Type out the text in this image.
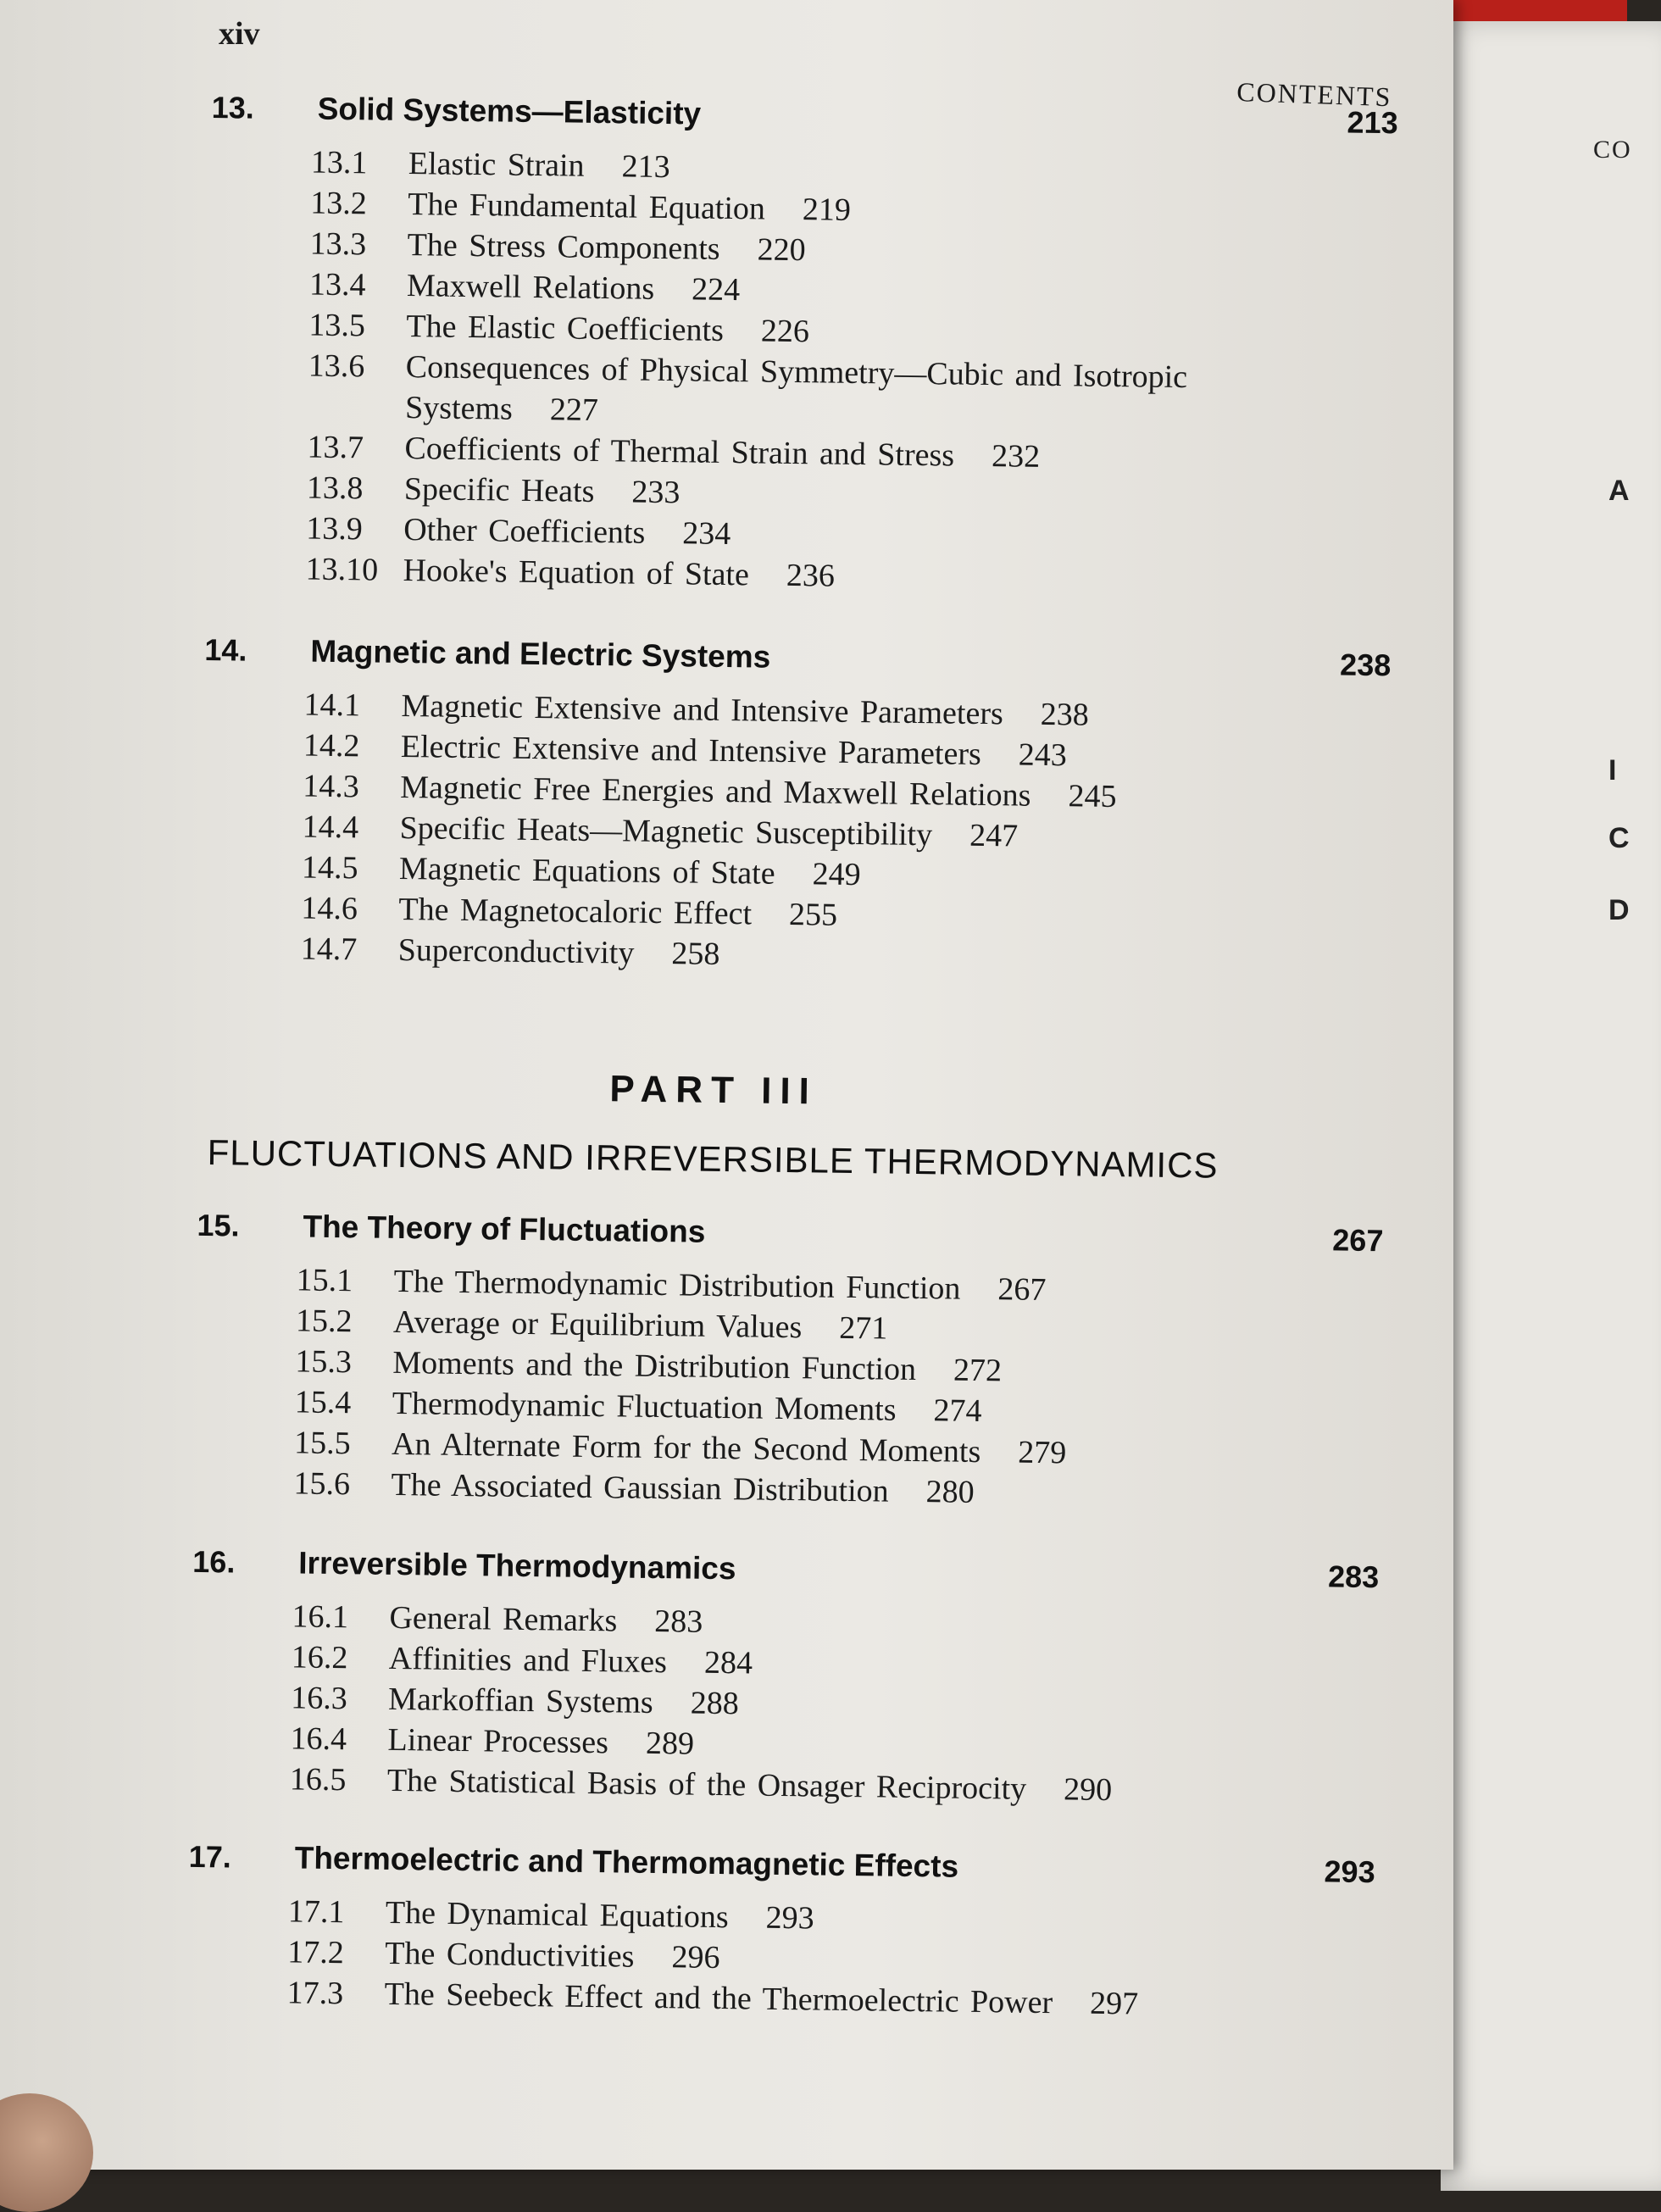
CO
A
I
C
D
xiv
CONTENTS
13. Solid Systems—Elasticity	213
13.1 Elastic Strain 213
13.2 The Fundamental Equation 219
13.3 The Stress Components 220
13.4 Maxwell Relations 224
13.5 The Elastic Coefficients 226
13.6 Consequences of Physical Symmetry—Cubic and Isotropic Systems 227
13.7 Coefficients of Thermal Strain and Stress 232
13.8 Specific Heats 233
13.9 Other Coefficients 234
13.10 Hooke's Equation of State 236
14. Magnetic and Electric Systems	238
14.1 Magnetic Extensive and Intensive Parameters 238
14.2 Electric Extensive and Intensive Parameters 243
14.3 Magnetic Free Energies and Maxwell Relations 245
14.4 Specific Heats—Magnetic Susceptibility 247
14.5 Magnetic Equations of State 249
14.6 The Magnetocaloric Effect 255
14.7 Superconductivity 258
15. The Theory of Fluctuations	267
15.1 The Thermodynamic Distribution Function 267
15.2 Average or Equilibrium Values 271
15.3 Moments and the Distribution Function 272
15.4 Thermodynamic Fluctuation Moments 274
15.5 An Alternate Form for the Second Moments 279
15.6 The Associated Gaussian Distribution 280
16. Irreversible Thermodynamics	283
16.1 General Remarks 283
16.2 Affinities and Fluxes 284
16.3 Markoffian Systems 288
16.4 Linear Processes 289
16.5 The Statistical Basis of the Onsager Reciprocity 290
17. Thermoelectric and Thermomagnetic Effects	293
17.1 The Dynamical Equations 293
17.2 The Conductivities 296
17.3 The Seebeck Effect and the Thermoelectric Power 297
PART III
FLUCTUATIONS AND IRREVERSIBLE THERMODYNAMICS
